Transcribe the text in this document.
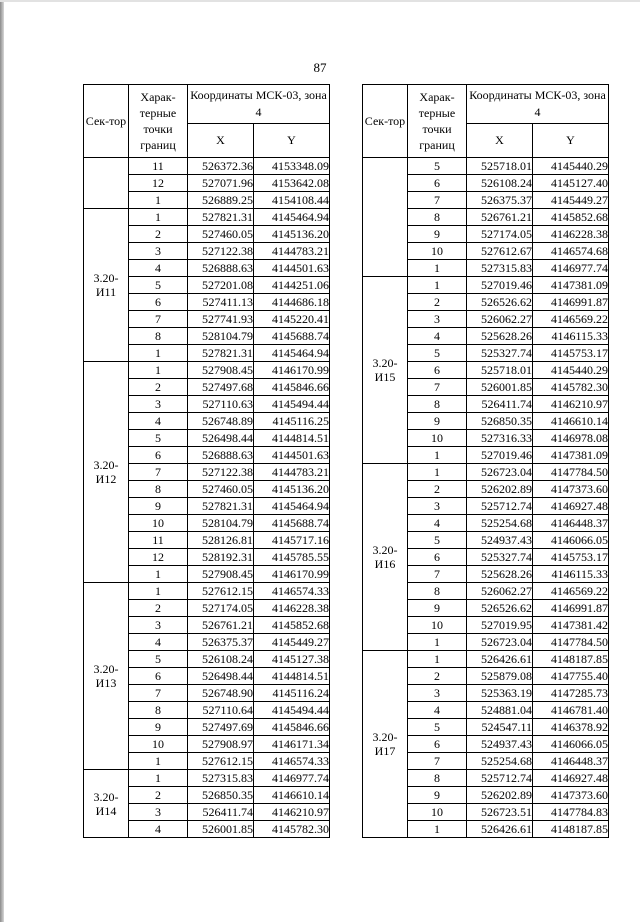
87
Сек-тор	Харак-терные точки границ	Координаты МСК-03, зона 4	
		X	Y
	11	526372.36	4153348.09
	12	527071.96	4153642.08
	1	526889.25	4154108.44
3.20-И11	1	527821.31	4145464.94
	2	527460.05	4145136.20
	3	527122.38	4144783.21
	4	526888.63	4144501.63
	5	527201.08	4144251.06
	6	527411.13	4144686.18
	7	527741.93	4145220.41
	8	528104.79	4145688.74
	1	527821.31	4145464.94
3.20-И12	1	527908.45	4146170.99
	2	527497.68	4145846.66
	3	527110.63	4145494.44
	4	526748.89	4145116.25
	5	526498.44	4144814.51
	6	526888.63	4144501.63
	7	527122.38	4144783.21
	8	527460.05	4145136.20
	9	527821.31	4145464.94
	10	528104.79	4145688.74
	11	528126.81	4145717.16
	12	528192.31	4145785.55
	1	527908.45	4146170.99
3.20-И13	1	527612.15	4146574.33
	2	527174.05	4146228.38
	3	526761.21	4145852.68
	4	526375.37	4145449.27
	5	526108.24	4145127.38
	6	526498.44	4144814.51
	7	526748.90	4145116.24
	8	527110.64	4145494.44
	9	527497.69	4145846.66
	10	527908.97	4146171.34
	1	527612.15	4146574.33
3.20-И14	1	527315.83	4146977.74
	2	526850.35	4146610.14
	3	526411.74	4146210.97
	4	526001.85	4145782.30
Сек-тор	Харак-терные точки границ	Координаты МСК-03, зона 4	
		X	Y
	5	525718.01	4145440.29
	6	526108.24	4145127.40
	7	526375.37	4145449.27
	8	526761.21	4145852.68
	9	527174.05	4146228.38
	10	527612.67	4146574.68
	1	527315.83	4146977.74
3.20-И15	1	527019.46	4147381.09
	2	526526.62	4146991.87
	3	526062.27	4146569.22
	4	525628.26	4146115.33
	5	525327.74	4145753.17
	6	525718.01	4145440.29
	7	526001.85	4145782.30
	8	526411.74	4146210.97
	9	526850.35	4146610.14
	10	527316.33	4146978.08
	1	527019.46	4147381.09
3.20-И16	1	526723.04	4147784.50
	2	526202.89	4147373.60
	3	525712.74	4146927.48
	4	525254.68	4146448.37
	5	524937.43	4146066.05
	6	525327.74	4145753.17
	7	525628.26	4146115.33
	8	526062.27	4146569.22
	9	526526.62	4146991.87
	10	527019.95	4147381.42
	1	526723.04	4147784.50
3.20-И17	1	526426.61	4148187.85
	2	525879.08	4147755.40
	3	525363.19	4147285.73
	4	524881.04	4146781.40
	5	524547.11	4146378.92
	6	524937.43	4146066.05
	7	525254.68	4146448.37
	8	525712.74	4146927.48
	9	526202.89	4147373.60
	10	526723.51	4147784.83
	1	526426.61	4148187.85
